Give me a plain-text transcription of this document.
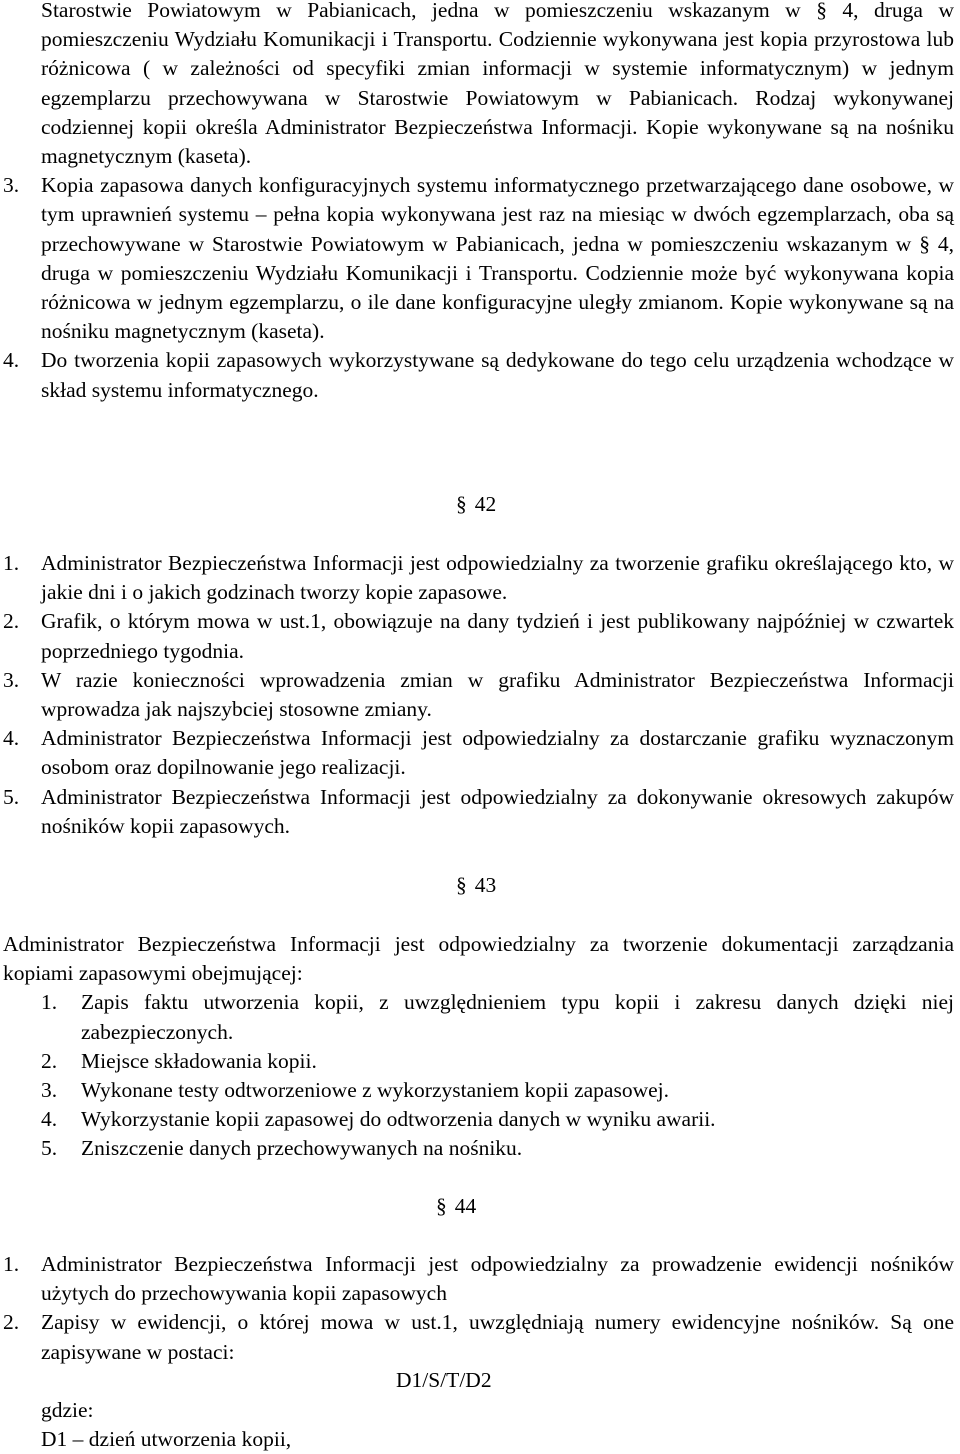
Starostwie Powiatowym w Pabianicach, jedna w pomieszczeniu wskazanym w § 4, druga w pomieszczeniu Wydziału Komunikacji i Transportu. Codziennie wykonywana jest kopia przyrostowa lub różnicowa ( w zależności od specyfiki zmian informacji w systemie informatycznym) w jednym egzemplarzu przechowywana w Starostwie Powiatowym w Pabianicach. Rodzaj wykonywanej codziennej kopii określa Administrator Bezpieczeństwa Informacji. Kopie wykonywane są na nośniku magnetycznym (kaseta).

3. Kopia zapasowa danych konfiguracyjnych systemu informatycznego przetwarzającego dane osobowe, w tym uprawnień systemu – pełna kopia wykonywana jest raz na miesiąc w dwóch egzemplarzach, oba są przechowywane w Starostwie Powiatowym w Pabianicach, jedna w pomieszczeniu wskazanym w § 4, druga w pomieszczeniu Wydziału Komunikacji i Transportu. Codziennie może być wykonywana kopia różnicowa w jednym egzemplarzu, o ile dane konfiguracyjne uległy zmianom. Kopie wykonywane są na nośniku magnetycznym (kaseta).
4. Do tworzenia kopii zapasowych wykorzystywane są dedykowane do tego celu urządzenia wchodzące w skład systemu informatycznego.
§ 42
1. Administrator Bezpieczeństwa Informacji jest odpowiedzialny za tworzenie grafiku określającego kto, w jakie dni i o jakich godzinach tworzy kopie zapasowe.
2. Grafik, o którym mowa w ust.1, obowiązuje na dany tydzień i jest publikowany najpóźniej w czwartek poprzedniego tygodnia.
3. W razie konieczności wprowadzenia zmian w grafiku Administrator Bezpieczeństwa Informacji wprowadza jak najszybciej stosowne zmiany.
4. Administrator Bezpieczeństwa Informacji jest odpowiedzialny za dostarczanie grafiku wyznaczonym osobom oraz dopilnowanie jego realizacji.
5. Administrator Bezpieczeństwa Informacji jest odpowiedzialny za dokonywanie okresowych zakupów nośników kopii zapasowych.
§ 43

Administrator Bezpieczeństwa Informacji jest odpowiedzialny za tworzenie dokumentacji zarządzania kopiami zapasowymi obejmującej:

1. Zapis faktu utworzenia kopii, z uwzględnieniem typu kopii i zakresu danych dzięki niej zabezpieczonych.
2. Miejsce składowania kopii.
3. Wykonane testy odtworzeniowe z wykorzystaniem kopii zapasowej.
4. Wykorzystanie kopii zapasowej do odtworzenia danych w wyniku awarii.
5. Zniszczenie danych przechowywanych na nośniku.
§ 44
1. Administrator Bezpieczeństwa Informacji jest odpowiedzialny za prowadzenie ewidencji nośników użytych do przechowywania kopii zapasowych
2. Zapisy w ewidencji, o której mowa w ust.1, uwzględniają numery ewidencyjne nośników. Są one zapisywane w postaci:
D1/S/T/D2
gdzie:
D1 – dzień utworzenia kopii,
